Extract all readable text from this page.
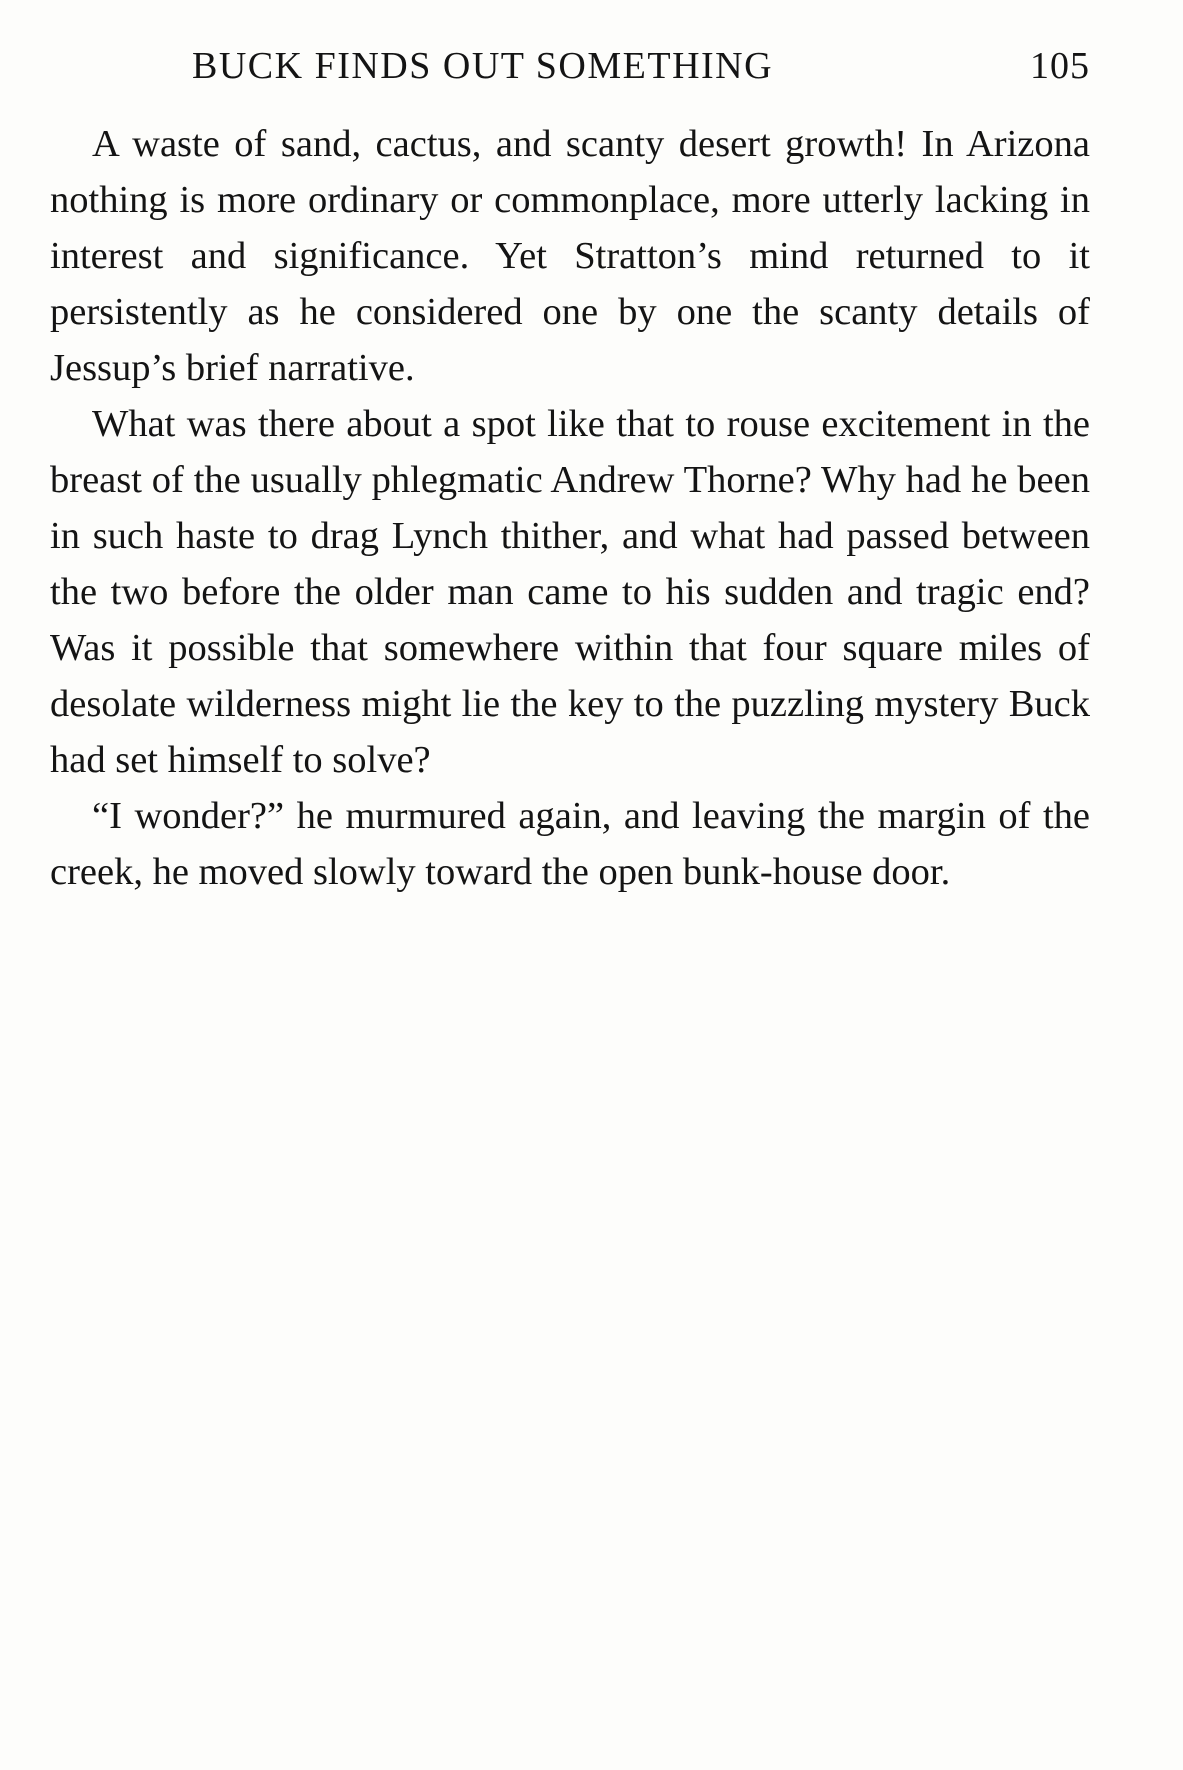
BUCK FINDS OUT SOMETHING	105

A waste of sand, cactus, and scanty desert growth! In Arizona nothing is more ordinary or commonplace, more utterly lacking in interest and significance. Yet Stratton’s mind returned to it persistently as he considered one by one the scanty details of Jessup’s brief narrative.

What was there about a spot like that to rouse excitement in the breast of the usually phlegmatic Andrew Thorne? Why had he been in such haste to drag Lynch thither, and what had passed between the two before the older man came to his sudden and tragic end? Was it possible that somewhere within that four square miles of desolate wilderness might lie the key to the puzzling mystery Buck had set himself to solve?

“I wonder?” he murmured again, and leaving the margin of the creek, he moved slowly toward the open bunk-house door.
